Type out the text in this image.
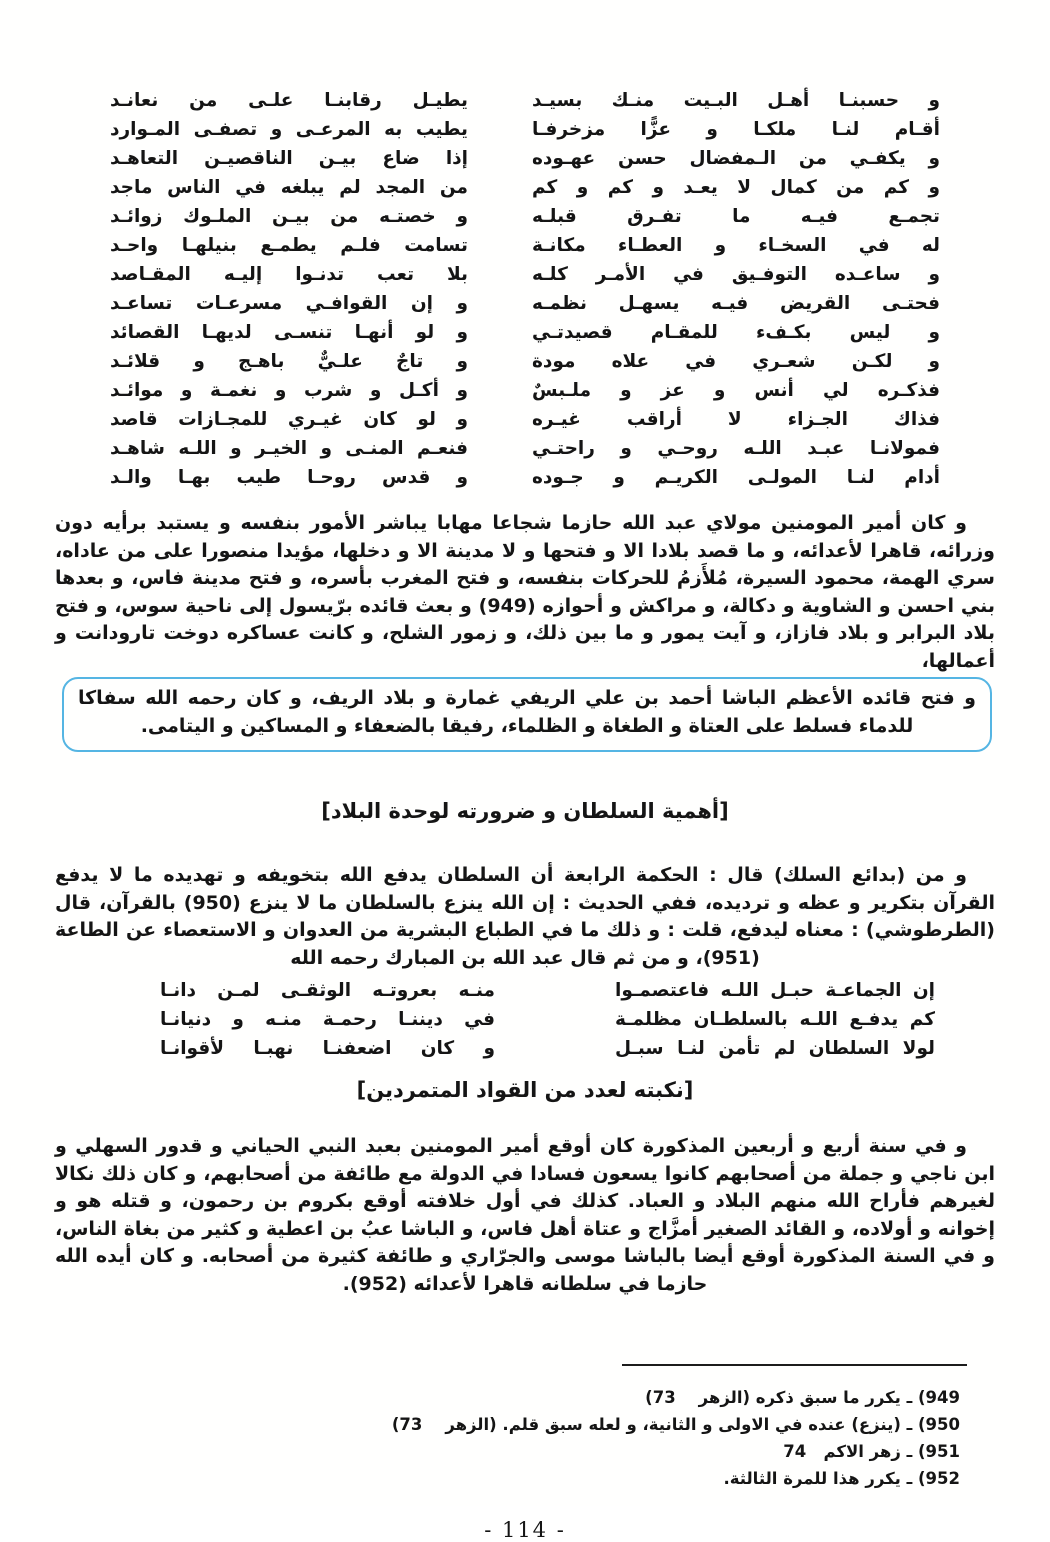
و حسبنـا أهـل البـيت منـك بسيـد
يطيـل رقابنـا علـى من نعانـد
أقـام لنـا ملكـا و عزًّا مزخرفـا
يطيب به المرعـى و تصفـى المـوارد
و يكفـي من الـمفضال حسن عهـوده
إذا ضاع بيـن الناقصيـن التعاهـد
و كم من كمال لا يعـد و كم و كم
من المجد لم يبلغه في الناس ماجد
تجمـع فيـه ما تفـرق قبلـه
و خصتـه من بيـن الملـوك زوائـد
له في السخـاء و العطـاء مكانـة
تسامت فلـم يطمـع بنيلهـا واحـد
و ساعـده التوفـيق في الأمـر كلـه
بلا تعب تدنـوا إليـه المقـاصد
فحتـى القريض فيـه يسهـل نظمـه
و إن القوافـي مسرعـات تساعـد
و ليس بكـفء للمقـام قصيدتـي
و لو أنهـا تنسـى لديهـا القصائد
و لكـن شعـري في علاه مودة
و تاجٌ علـيٌّ باهـج و قلائـد
فذكـره لي أنس و عز و ملـبسٌ
و أكـل و شرب و نغمـة و موائـد
فذاك الجـزاء لا أراقب غيـره
و لو كان غيـري للمجـازات قاصد
فمولانـا عبـد اللـه روحـي و راحتـي
فنعـم المنـى و الخيـر و اللـه شاهـد
أدام لنـا المولـى الكريـم و جـوده
و قدس روحـا طيب بهـا والـد

و كان أمير المومنين مولاي عبد الله حازما شجاعا مهابا يباشر الأمور بنفسه و يستبد برأيه دون وزرائه، قاهرا لأعدائه، و ما قصد بلادا الا و فتحها و لا مدينة الا و دخلها، مؤيدا منصورا على من عاداه، سري الهمة، محمود السيرة، مُلأَزمُ للحركات بنفسه، و فتح المغرب بأسره، و فتح مدينة فاس، و بعدها بني احسن و الشاوية و دكالة، و مراكش و أحوازه (949) و بعث قائده برّيسول إلى ناحية سوس، و فتح بلاد البرابر و بلاد فازاز، و آيت يمور و ما بين ذلك، و زمور الشلح، و كانت عساكره دوخت تارودانت و أعمالها،

و فتح قائده الأعظم الباشا أحمد بن علي الريفي غمارة و بلاد الريف، و كان رحمه الله سفاكا للدماء فسلط على العتاة و الطغاة و الظلماء، رفيقا بالضعفاء و المساكين و اليتامى.
[أهمية السلطان و ضرورته لوحدة البلاد]

و من (بدائع السلك) قال : الحكمة الرابعة أن السلطان يدفع الله بتخويفه و تهديده ما لا يدفع القرآن بتكرير و عظه و ترديده، ففي الحديث : إن الله ينزع بالسلطان ما لا ينزع (950) بالقرآن، قال (الطرطوشي) : معناه ليدفع، قلت : و ذلك ما في الطباع البشرية من العدوان و الاستعصاء عن الطاعة (951)، و من ثم قال عبد الله بن المبارك رحمه الله

إن الجماعـة حبـل اللـه فاعتصمـوا
منـه بعروتـه الوثقـى لمـن دانـا
كم يدفـع اللـه بالسلطـان مظلمـة
في ديننـا رحمـة منـه و دنيانـا
لولا السلطان لم تأمن لنـا سبـل
و كان اضعفنـا نهبـا لأقوانـا
[نكبته لعدد من القواد المتمردين]

و في سنة أربع و أربعين المذكورة كان أوقع أمير المومنين بعبد النبي الحياني و قدور السهلي و ابن ناجي و جملة من أصحابهم كانوا يسعون فسادا في الدولة مع طائفة من أصحابهم، و كان ذلك نكالا لغيرهم فأراح الله منهم البلاد و العباد. كذلك في أول خلافته أوقع بكروم بن رحمون، و قتله هو و إخوانه و أولاده، و القائد الصغير أمزَّاج و عتاة أهل فاس، و الباشا عبُ بن اعطية و كثير من بغاة الناس، و في السنة المذكورة أوقع أيضا بالباشا موسى والجرّاري و طائفة كثيرة من أصحابه. و كان أيده الله حازما في سلطانه قاهرا لأعدائه (952).

949) ـ يكرر ما سبق ذكره (الزهر    73)
950) ـ (ينزع) عنده في الاولى و الثانية، و لعله سبق قلم. (الزهر    73)
951) ـ زهر الاكم   74
952) ـ يكرر هذا للمرة الثالثة.
- 114 -
